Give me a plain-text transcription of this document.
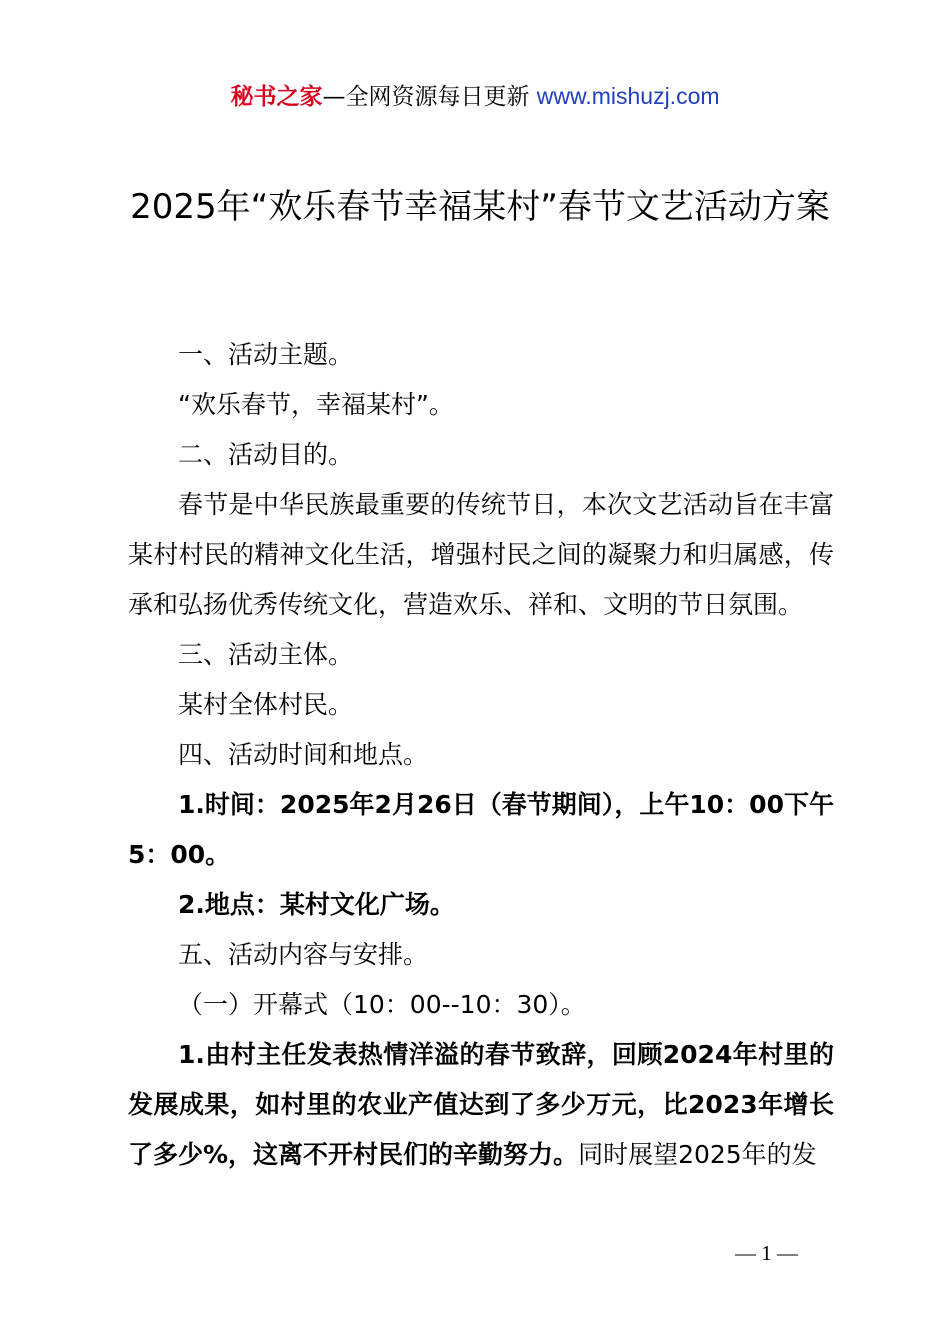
秘书之家—全网资源每日更新 www.mishuzj.com
2025年“欢乐春节幸福某村”春节文艺活动方案

一、活动主题。

“欢乐春节，幸福某村”。

二、活动目的。

春节是中华民族最重要的传统节日，本次文艺活动旨在丰富某村村民的精神文化生活，增强村民之间的凝聚力和归属感，传承和弘扬优秀传统文化，营造欢乐、祥和、文明的节日氛围。

三、活动主体。

某村全体村民。

四、活动时间和地点。

1.时间：2025年2月26日（春节期间），上午10：00下午5：00。

2.地点：某村文化广场。

五、活动内容与安排。

（一）开幕式（10：00--10：30）。

1.由村主任发表热情洋溢的春节致辞，回顾2024年村里的发展成果，如村里的农业产值达到了多少万元，比2023年增长了多少%，这离不开村民们的辛勤努力。同时展望2025年的发

— 1 —
